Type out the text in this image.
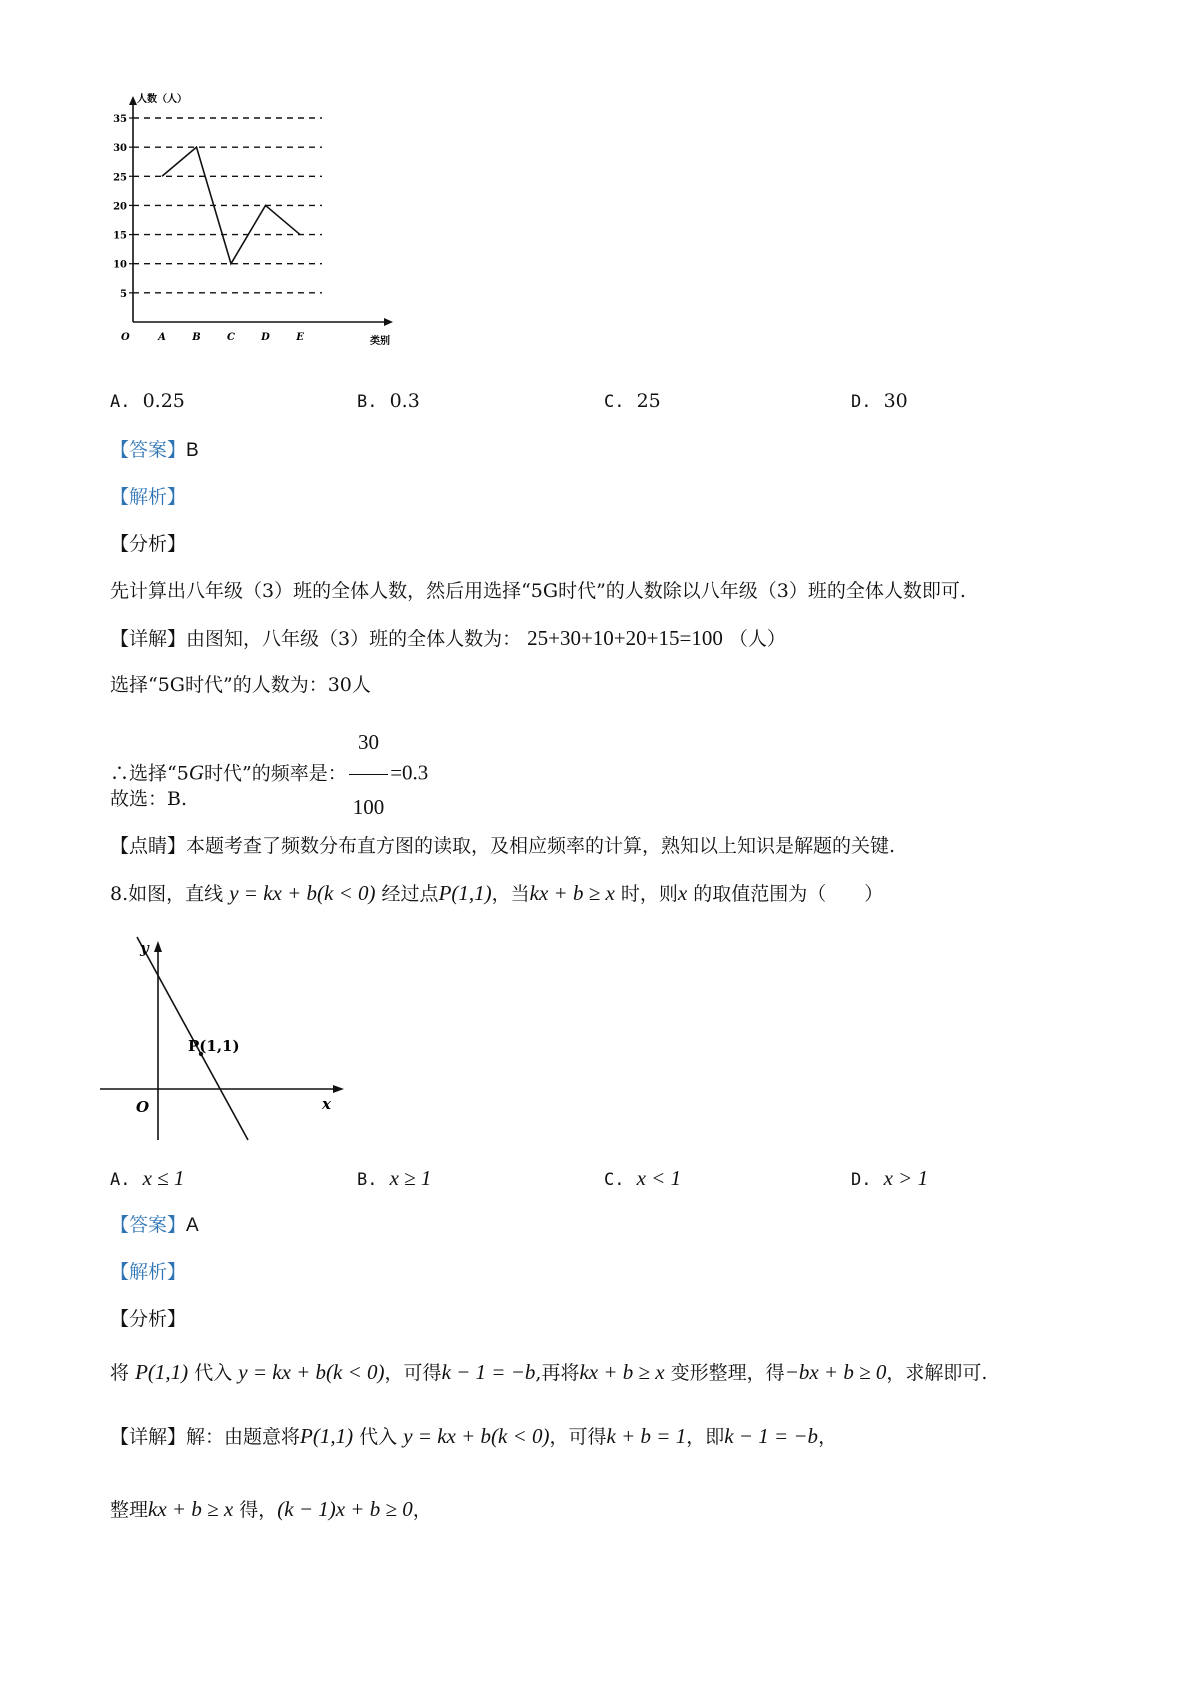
人数（人）
类别
O
5
10
15
20
25
30
35
A	B	C	D	E
A. 0.25	B. 0.3	C. 25	D. 30
【答案】B
【解析】
【分析】
先计算出八年级（3）班的全体人数，然后用选择“5G时代”的人数除以八年级（3）班的全体人数即可.
【详解】由图知，八年级（3）班的全体人数为： 25+30+10+20+15=100 （人）
选择“5G时代”的人数为：30人
∴选择“5G时代”的频率是： $\frac{30}{100} =0.3$
故选：B.
【点睛】本题考查了频数分布直方图的读取，及相应频率的计算，熟知以上知识是解题的关键.
8.如图，直线 y = kx + b(k < 0) 经过点P(1,1)，当kx + b ≥ x 时，则x 的取值范围为（　　）
y
x
O
P(1,1)
A. x ≤ 1	B. x ≥ 1	C. x < 1	D. x > 1
【答案】A
【解析】
【分析】
将 P(1,1) 代入 y = kx + b(k < 0)，可得k − 1 = −b,再将kx + b ≥ x 变形整理，得−bx + b ≥ 0，求解即可.
【详解】解：由题意将P(1,1) 代入 y = kx + b(k < 0)，可得k + b = 1，即k − 1 = −b，
整理kx + b ≥ x 得，(k − 1)x + b ≥ 0，
